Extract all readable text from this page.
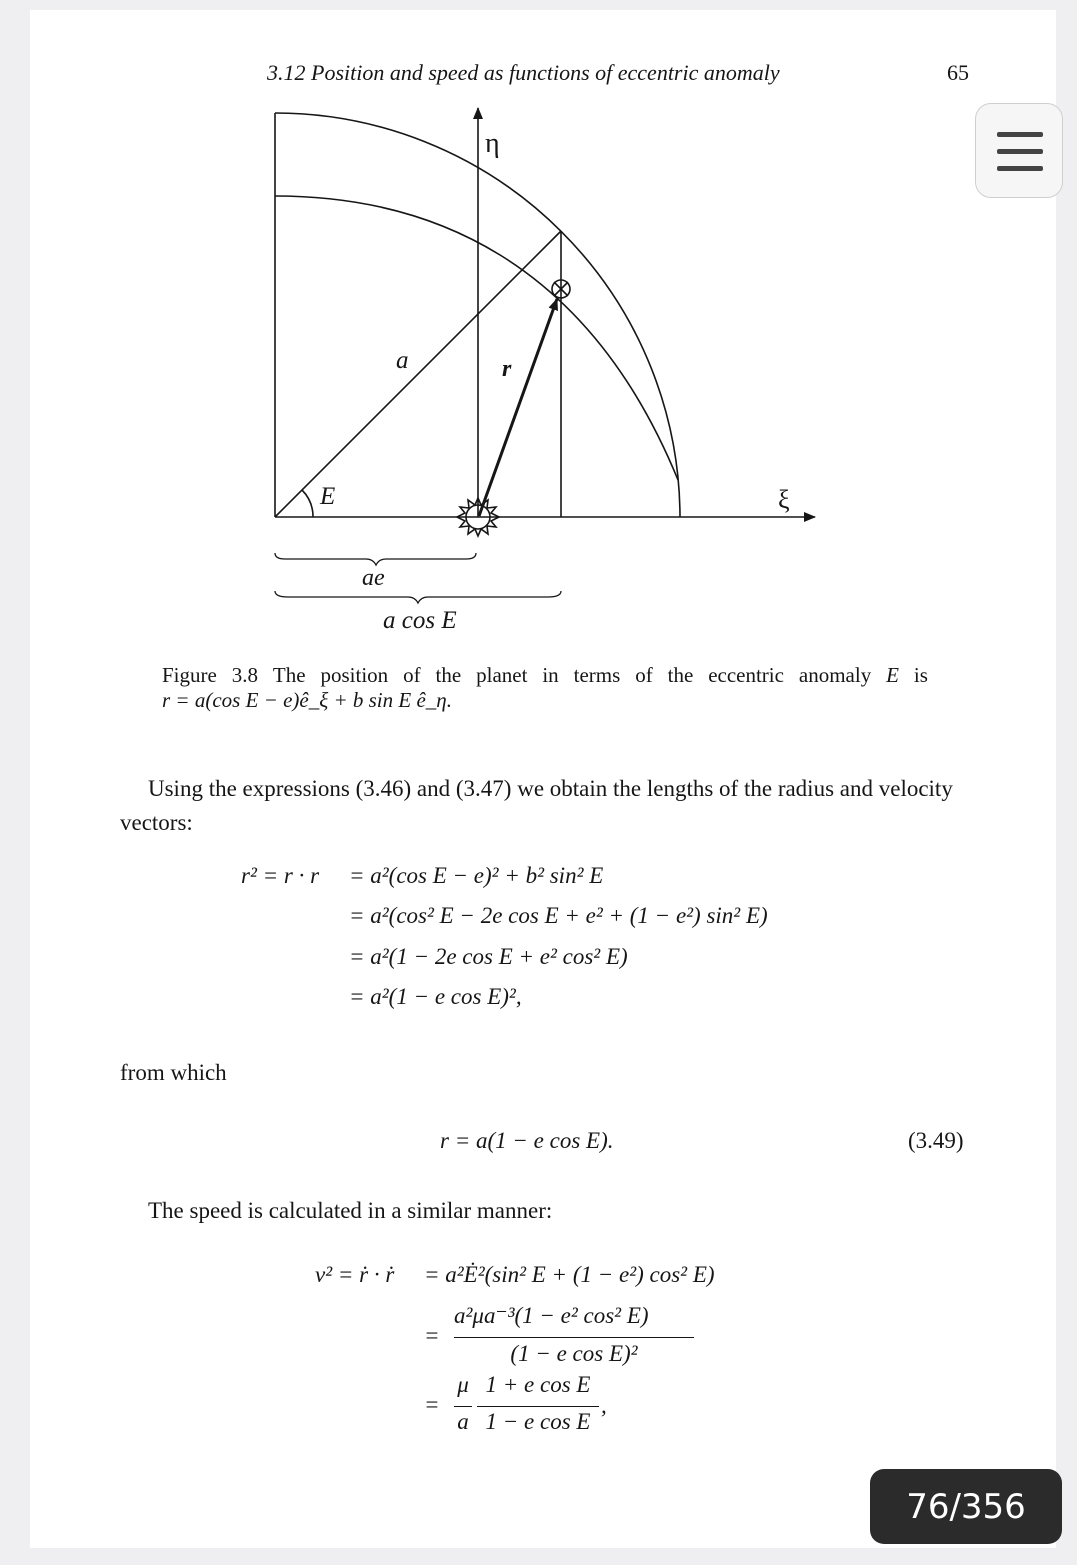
3.12 Position and speed as functions of eccentric anomaly	65
η
ξ
a	r
E
ae
a cos E
Figure 3.8 The position of the planet in terms of the eccentric anomaly E is
r = a(cos E − e)ê_ξ + b sin E ê_η.
Using the expressions (3.46) and (3.47) we obtain the lengths of the radius and velocity vectors:
r² = r · r = a²(cos E − e)² + b² sin² E
= a²(cos² E − 2e cos E + e² + (1 − e²) sin² E)
= a²(1 − 2e cos E + e² cos² E)
= a²(1 − e cos E)²,
from which
r = a(1 − e cos E).	(3.49)
The speed is calculated in a similar manner:
v² = ṙ · ṙ = a²Ė²(sin² E + (1 − e²) cos² E)
=
a²μa⁻³(1 − e² cos² E)
(1 − e cos E)²
=
μ
a
1 + e cos E
1 − e cos E
,
76/356
